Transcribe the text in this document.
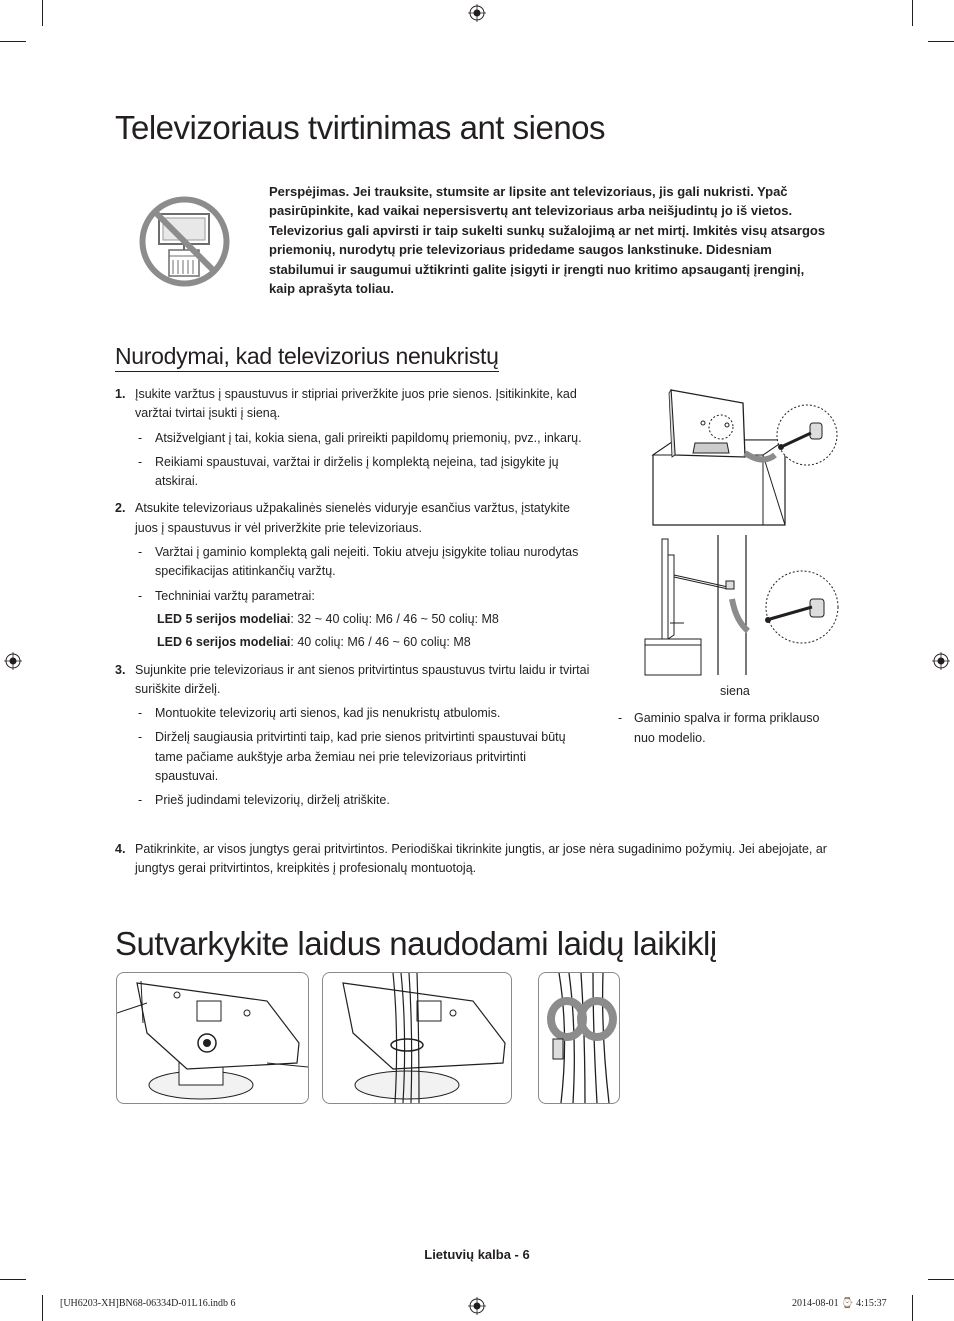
Televizoriaus tvirtinimas ant sienos
Perspėjimas. Jei trauksite, stumsite ar lipsite ant televizoriaus, jis gali nukristi. Ypač pasirūpinkite, kad vaikai nepersisvertų ant televizoriaus arba neišjudintų jo iš vietos. Televizorius gali apvirsti ir taip sukelti sunkų sužalojimą ar net mirtį. Imkitės visų atsargos priemonių, nurodytų prie televizoriaus pridedame saugos lankstinuke. Didesniam stabilumui ir saugumui užtikrinti galite įsigyti ir įrengti nuo kritimo apsaugantį įrenginį, kaip aprašyta toliau.
Nurodymai, kad televizorius nenukristų
1. Įsukite varžtus į spaustuvus ir stipriai priveržkite juos prie sienos. Įsitikinkite, kad varžtai tvirtai įsukti į sieną.
- Atsižvelgiant į tai, kokia siena, gali prireikti papildomų priemonių, pvz., inkarų.
- Reikiami spaustuvai, varžtai ir dirželis į komplektą neįeina, tad įsigykite jų atskirai.
2. Atsukite televizoriaus užpakalinės sienelės viduryje esančius varžtus, įstatykite juos į spaustuvus ir vėl priveržkite prie televizoriaus.
- Varžtai į gaminio komplektą gali neįeiti. Tokiu atveju įsigykite toliau nurodytas specifikacijas atitinkančių varžtų.
- Techniniai varžtų parametrai:
LED 5 serijos modeliai: 32 ~ 40 colių: M6 / 46 ~ 50 colių: M8
LED 6 serijos modeliai: 40 colių: M6 / 46 ~ 60 colių: M8
3. Sujunkite prie televizoriaus ir ant sienos pritvirtintus spaustuvus tvirtu laidu ir tvirtai suriškite dirželį.
- Montuokite televizorių arti sienos, kad jis nenukristų atbulomis.
- Dirželį saugiausia pritvirtinti taip, kad prie sienos pritvirtinti spaustuvai būtų tame pačiame aukštyje arba žemiau nei prie televizoriaus pritvirtinti spaustuvai.
- Prieš judindami televizorių, dirželį atriškite.
4. Patikrinkite, ar visos jungtys gerai pritvirtintos. Periodiškai tikrinkite jungtis, ar jose nėra sugadinimo požymių. Jei abejojate, ar jungtys gerai pritvirtintos, kreipkitės į profesionalų montuotoją.
siena
- Gaminio spalva ir forma priklauso nuo modelio.
Sutvarkykite laidus naudodami laidų laikiklį
Lietuvių kalba - 6
[UH6203-XH]BN68-06334D-01L16.indb 6	2014-08-01 ⌚ 4:15:37
